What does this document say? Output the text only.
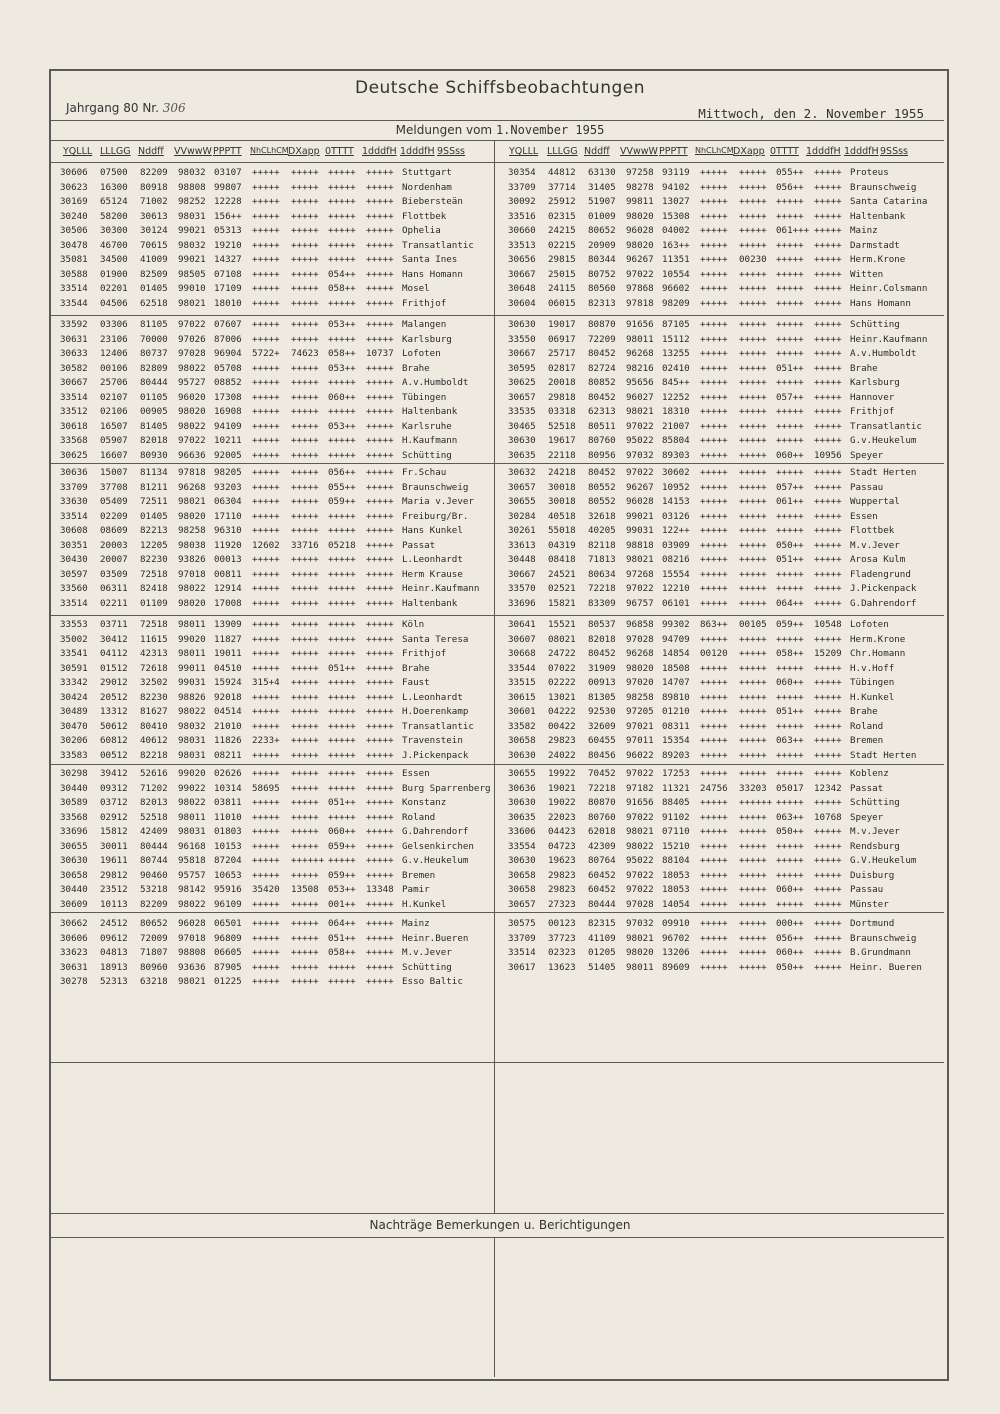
Deutsche Schiffsbeobachtungen
Jahrgang 80 Nr. 306	Mittwoch, den 2. November 1955
Meldungen vom 1.November 1955
YQLLL LLLGG Nddff VVwwW PPPTT NhCLhCM DXapp 0TTTT 1dddfH 1dddfH 9SSss	YQLLL LLLGG Nddff VVwwW PPPTT NhCLhCM DXapp 0TTTT 1dddfH 1dddfH 9SSss
30606 07500 82209 98032 03107 +++++ +++++ +++++ +++++ Stuttgart
30623 16300 80918 98808 99807 +++++ +++++ +++++ +++++ Nordenham
30169 65124 71002 98252 12228 +++++ +++++ +++++ +++++ Biebersteän
30240 58200 30613 98031 156++ +++++ +++++ +++++ +++++ Flottbek
30506 30300 30124 99021 05313 +++++ +++++ +++++ +++++ Ophelia
30478 46700 70615 98032 19210 +++++ +++++ +++++ +++++ Transatlantic
35081 34500 41009 99021 14327 +++++ +++++ +++++ +++++ Santa Ines
30588 01900 82509 98505 07108 +++++ +++++ 054++ +++++ Hans Homann
33514 02201 01405 99010 17109 +++++ +++++ 058++ +++++ Mosel
33544 04506 62518 98021 18010 +++++ +++++ +++++ +++++ Frithjof
33592 03306 81105 97022 07607 +++++ +++++ 053++ +++++ Malangen
30631 23106 70000 97026 87006 +++++ +++++ +++++ +++++ Karlsburg
30633 12406 80737 97028 96904 5722+ 74623 058++ 10737 Lofoten
30582 00106 82809 98022 05708 +++++ +++++ 053++ +++++ Brahe
30667 25706 80444 95727 08852 +++++ +++++ +++++ +++++ A.v.Humboldt
33514 02107 01105 96020 17308 +++++ +++++ 060++ +++++ Tübingen
33512 02106 00905 98020 16908 +++++ +++++ +++++ +++++ Haltenbank
30618 16507 81405 98022 94109 +++++ +++++ 053++ +++++ Karlsruhe
33568 05907 82018 97022 10211 +++++ +++++ +++++ +++++ H.Kaufmann
30625 16607 80930 96636 92005 +++++ +++++ +++++ +++++ Schütting
30636 15007 81134 97818 98205 +++++ +++++ 056++ +++++ Fr.Schau
33709 37708 81211 96268 93203 +++++ +++++ 055++ +++++ Braunschweig
33630 05409 72511 98021 06304 +++++ +++++ 059++ +++++ Maria v.Jever
33514 02209 01405 98020 17110 +++++ +++++ +++++ +++++ Freiburg/Br.
30608 08609 82213 98258 96310 +++++ +++++ +++++ +++++ Hans Kunkel
30351 20003 12205 98038 11920 12602 33716 05218 +++++ Passat
30430 20007 82230 93826 00013 +++++ +++++ +++++ +++++ L.Leonhardt
30597 03509 72518 97018 00811 +++++ +++++ +++++ +++++ Herm Krause
33560 06311 82418 98022 12914 +++++ +++++ +++++ +++++ Heinr.Kaufmann
33514 02211 01109 98020 17008 +++++ +++++ +++++ +++++ Haltenbank
33553 03711 72518 98011 13909 +++++ +++++ +++++ +++++ Köln
35002 30412 11615 99020 11827 +++++ +++++ +++++ +++++ Santa Teresa
33541 04112 42313 98011 19011 +++++ +++++ +++++ +++++ Frithjof
30591 01512 72618 99011 04510 +++++ +++++ 051++ +++++ Brahe
33342 29012 32502 99031 15924 315+4 +++++ +++++ +++++ Faust
30424 20512 82230 98826 92018 +++++ +++++ +++++ +++++ L.Leonhardt
30489 13312 81627 98022 04514 +++++ +++++ +++++ +++++ H.Doerenkamp
30470 50612 80410 98032 21010 +++++ +++++ +++++ +++++ Transatlantic
30206 60812 40612 98031 11826 2233+ +++++ +++++ +++++ Travenstein
33583 00512 82218 98031 08211 +++++ +++++ +++++ +++++ J.Pickenpack
30298 39412 52616 99020 02626 +++++ +++++ +++++ +++++ Essen
30440 09312 71202 99022 10314 58695 +++++ +++++ +++++ Burg Sparrenberg
30589 03712 82013 98022 03811 +++++ +++++ 051++ +++++ Konstanz
33568 02912 52518 98011 11010 +++++ +++++ +++++ +++++ Roland
33696 15812 42409 98031 01803 +++++ +++++ 060++ +++++ G.Dahrendorf
30655 30011 80444 96168 10153 +++++ +++++ 059++ +++++ Gelsenkirchen
30630 19611 80744 95818 87204 +++++ ++++++ +++++ +++++ G.v.Heukelum
30658 29812 90460 95757 10653 +++++ +++++ 059++ +++++ Bremen
30440 23512 53218 98142 95916 35420 13508 053++ 13348 Pamir
30609 10113 82209 98022 96109 +++++ +++++ 001++ +++++ H.Kunkel
30662 24512 80652 96028 06501 +++++ +++++ 064++ +++++ Mainz
30606 09612 72009 97018 96809 +++++ +++++ 051++ +++++ Heinr.Bueren
33623 04813 71807 98808 06605 +++++ +++++ 058++ +++++ M.v.Jever
30631 18913 80960 93636 87905 +++++ +++++ +++++ +++++ Schütting
30278 52313 63218 98021 01225 +++++ +++++ +++++ +++++ Esso Baltic
30354 44812 63130 97258 93119 +++++ +++++ 055++ +++++ Proteus
33709 37714 31405 98278 94102 +++++ +++++ 056++ +++++ Braunschweig
30092 25912 51907 99811 13027 +++++ +++++ +++++ +++++ Santa Catarina
33516 02315 01009 98020 15308 +++++ +++++ +++++ +++++ Haltenbank
30660 24215 80652 96028 04002 +++++ +++++ 061+++ +++++ Mainz
33513 02215 20909 98020 163++ +++++ +++++ +++++ +++++ Darmstadt
30656 29815 80344 96267 11351 +++++ 00230 +++++ +++++ Herm.Krone
30667 25015 80752 97022 10554 +++++ +++++ +++++ +++++ Witten
30648 24115 80560 97868 96602 +++++ +++++ +++++ +++++ Heinr.Colsmann
30604 06015 82313 97818 98209 +++++ +++++ +++++ +++++ Hans Homann
30630 19017 80870 91656 87105 +++++ +++++ +++++ +++++ Schütting
33550 06917 72209 98011 15112 +++++ +++++ +++++ +++++ Heinr.Kaufmann
30667 25717 80452 96268 13255 +++++ +++++ +++++ +++++ A.v.Humboldt
30595 02817 82724 98216 02410 +++++ +++++ 051++ +++++ Brahe
30625 20018 80852 95656 845++ +++++ +++++ +++++ +++++ Karlsburg
30657 29818 80452 96027 12252 +++++ +++++ 057++ +++++ Hannover
33535 03318 62313 98021 18310 +++++ +++++ +++++ +++++ Frithjof
30465 52518 80511 97022 21007 +++++ +++++ +++++ +++++ Transatlantic
30630 19617 80760 95022 85804 +++++ +++++ +++++ +++++ G.v.Heukelum
30635 22118 80956 97032 89303 +++++ +++++ 060++ 10956 Speyer
30632 24218 80452 97022 30602 +++++ +++++ +++++ +++++ Stadt Herten
30657 30018 80552 96267 10952 +++++ +++++ 057++ +++++ Passau
30655 30018 80552 96028 14153 +++++ +++++ 061++ +++++ Wuppertal
30284 40518 32618 99021 03126 +++++ +++++ +++++ +++++ Essen
30261 55018 40205 99031 122++ +++++ +++++ +++++ +++++ Flottbek
33613 04319 82118 98818 03909 +++++ +++++ 050++ +++++ M.v.Jever
30448 08418 71813 98021 08216 +++++ +++++ 051++ +++++ Arosa Kulm
30667 24521 80634 97268 15554 +++++ +++++ +++++ +++++ Fladengrund
33570 02521 72218 97022 12210 +++++ +++++ +++++ +++++ J.Pickenpack
33696 15821 83309 96757 06101 +++++ +++++ 064++ +++++ G.Dahrendorf
30641 15521 80537 96858 99302 863++ 00105 059++ 10548 Lofoten
30607 08021 82018 97028 94709 +++++ +++++ +++++ +++++ Herm.Krone
30668 24722 80452 96268 14854 00120 +++++ 058++ 15209 Chr.Homann
33544 07022 31909 98020 18508 +++++ +++++ +++++ +++++ H.v.Hoff
33515 02222 00913 97020 14707 +++++ +++++ 060++ +++++ Tübingen
30615 13021 81305 98258 89810 +++++ +++++ +++++ +++++ H.Kunkel
30601 04222 92530 97205 01210 +++++ +++++ 051++ +++++ Brahe
33582 00422 32609 97021 08311 +++++ +++++ +++++ +++++ Roland
30658 29823 60455 97011 15354 +++++ +++++ 063++ +++++ Bremen
30630 24022 80456 96022 89203 +++++ +++++ +++++ +++++ Stadt Herten
30655 19922 70452 97022 17253 +++++ +++++ +++++ +++++ Koblenz
30636 19021 72218 97182 11321 24756 33203 05017 12342 Passat
30630 19022 80870 91656 88405 +++++ ++++++ +++++ +++++ Schütting
30635 22023 80760 97022 91102 +++++ +++++ 063++ 10768 Speyer
33606 04423 62018 98021 07110 +++++ +++++ 050++ +++++ M.v.Jever
33554 04723 42309 98022 15210 +++++ +++++ +++++ +++++ Rendsburg
30630 19623 80764 95022 88104 +++++ +++++ +++++ +++++ G.V.Heukelum
30658 29823 60452 97022 18053 +++++ +++++ +++++ +++++ Duisburg
30658 29823 60452 97022 18053 +++++ +++++ 060++ +++++ Passau
30657 27323 80444 97028 14054 +++++ +++++ +++++ +++++ Münster
30575 00123 82315 97032 09910 +++++ +++++ 000++ +++++ Dortmund
33709 37723 41109 98021 96702 +++++ +++++ 056++ +++++ Braunschweig
33514 02323 01205 98020 13206 +++++ +++++ 060++ +++++ B.Grundmann
30617 13623 51405 98011 89609 +++++ +++++ 050++ +++++ Heinr. Bueren
Nachträge Bemerkungen u. Berichtigungen
